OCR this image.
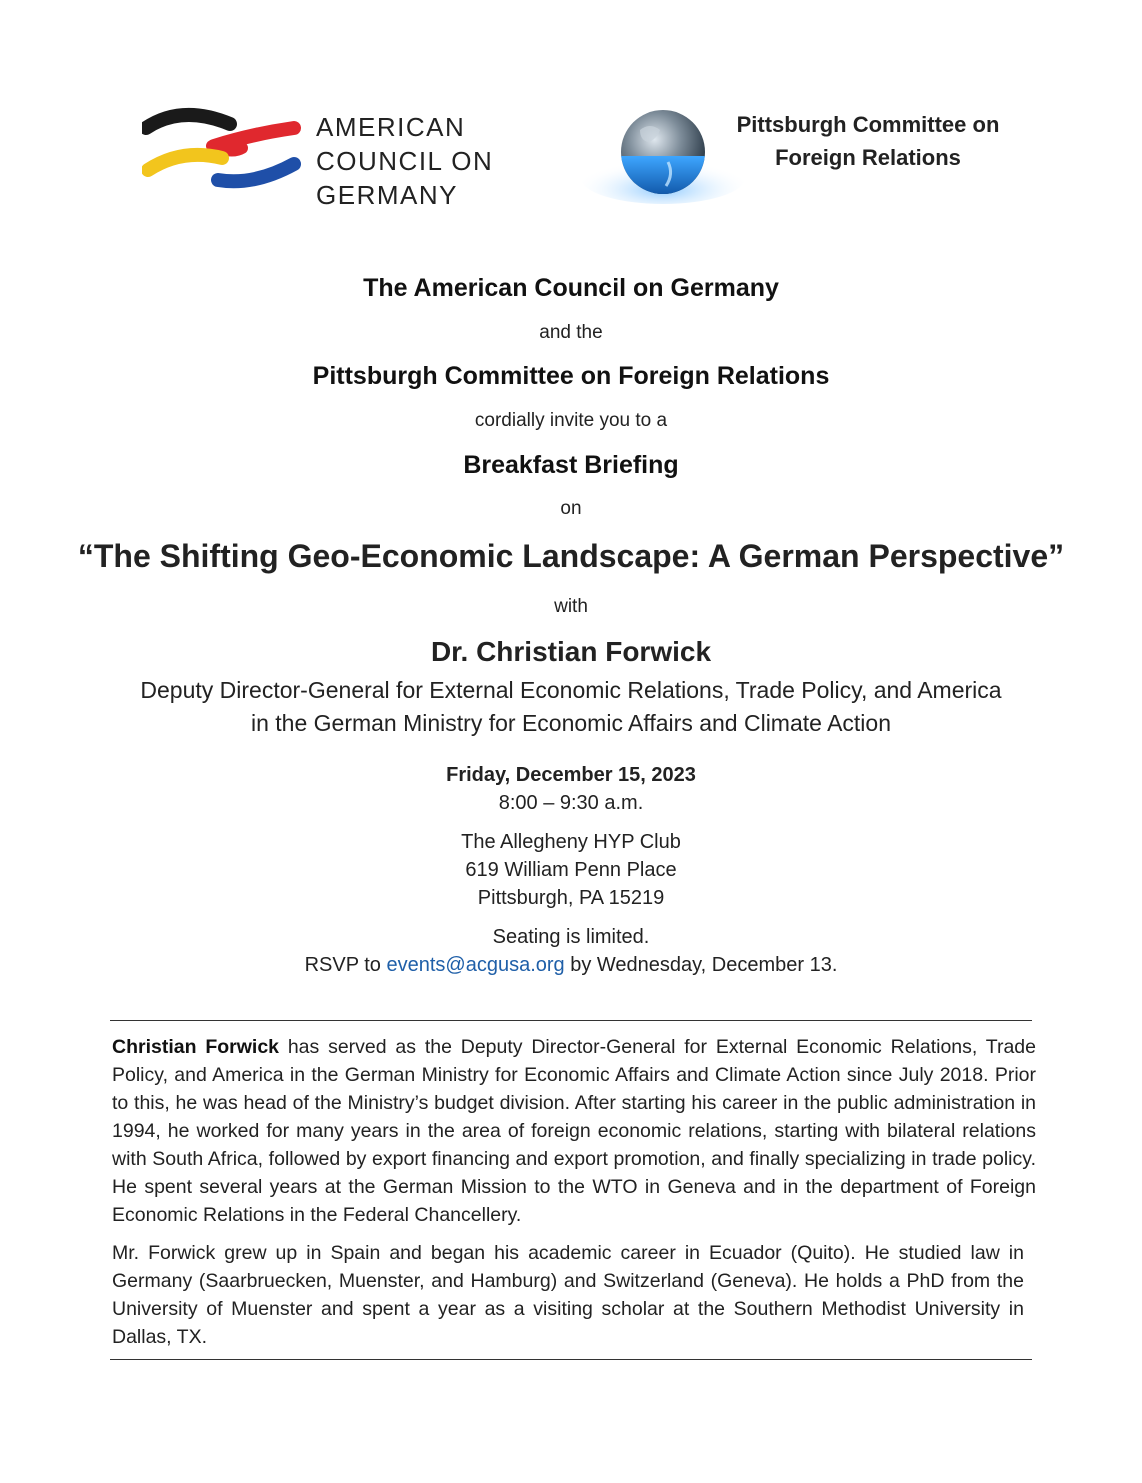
AMERICAN
COUNCIL ON
GERMANY
Pittsburgh Committee on
Foreign Relations
The American Council on Germany
and the
Pittsburgh Committee on Foreign Relations
cordially invite you to a
Breakfast Briefing
on
“The Shifting Geo-Economic Landscape: A German Perspective”
with
Dr. Christian Forwick
Deputy Director-General for External Economic Relations, Trade Policy, and America
in the German Ministry for Economic Affairs and Climate Action
Friday, December 15, 2023
8:00 – 9:30 a.m.
The Allegheny HYP Club
619 William Penn Place
Pittsburgh, PA 15219
Seating is limited.
RSVP to events@acgusa.org by Wednesday, December 13.
Christian Forwick has served as the Deputy Director-General for External Economic Relations, Trade Policy, and America in the German Ministry for Economic Affairs and Climate Action since July 2018. Prior to this, he was head of the Ministry’s budget division. After starting his career in the public administration in 1994, he worked for many years in the area of foreign economic relations, starting with bilateral relations with South Africa, followed by export financing and export promotion, and finally specializing in trade policy. He spent several years at the German Mission to the WTO in Geneva and in the department of Foreign Economic Relations in the Federal Chancellery.
Mr. Forwick grew up in Spain and began his academic career in Ecuador (Quito). He studied law in Germany (Saarbruecken, Muenster, and Hamburg) and Switzerland (Geneva). He holds a PhD from the University of Muenster and spent a year as a visiting scholar at the Southern Methodist University in Dallas, TX.
